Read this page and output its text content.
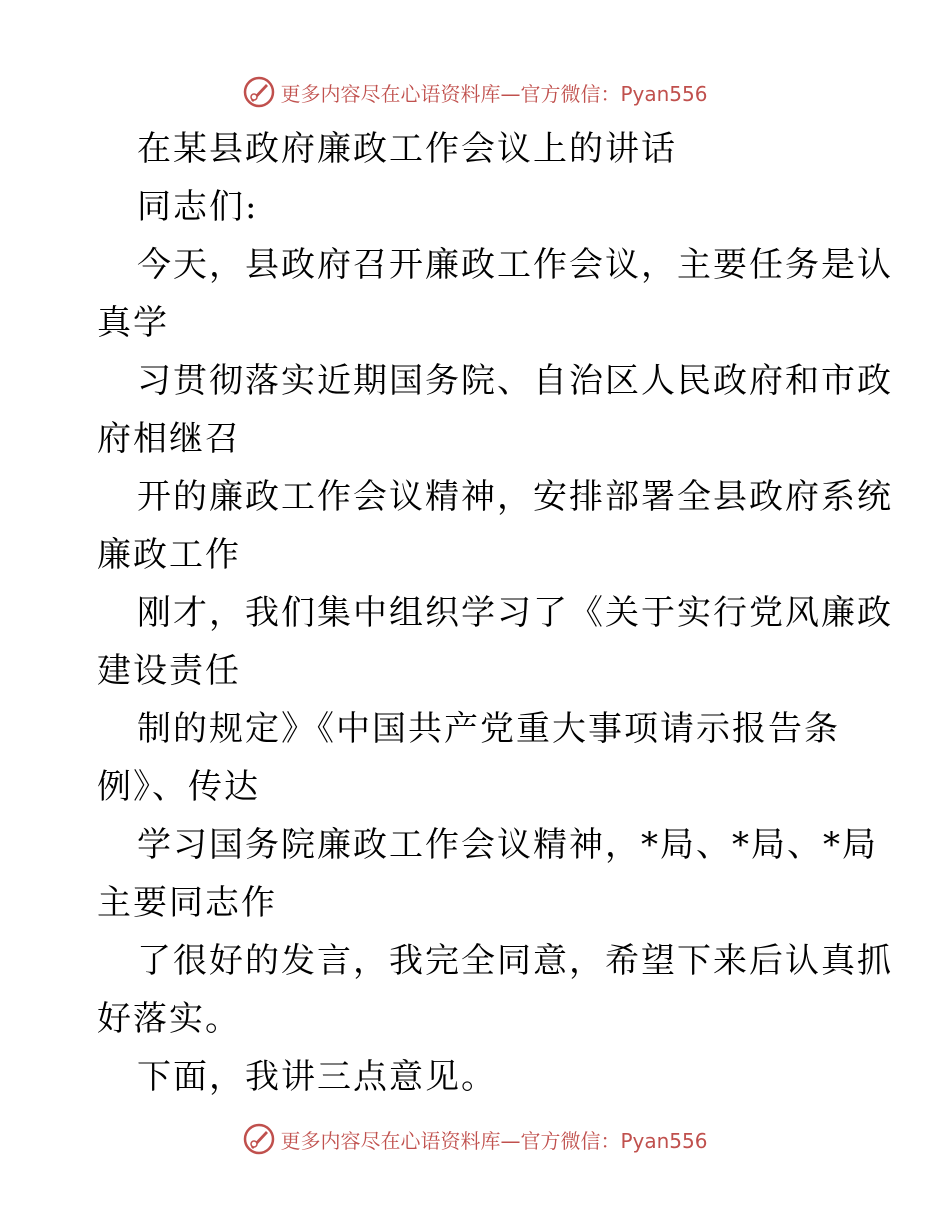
更多内容尽在心语资料库—官方微信：Pyan556
在某县政府廉政工作会议上的讲话
同志们:
今天，县政府召开廉政工作会议，主要任务是认
真学
习贯彻落实近期国务院、自治区人民政府和市政
府相继召
开的廉政工作会议精神，安排部署全县政府系统
廉政工作
刚才，我们集中组织学习了《关于实行党风廉政
建设责任
制的规定》《中国共产党重大事项请示报告条
例》、传达
学习国务院廉政工作会议精神，*局、*局、*局
主要同志作
了很好的发言，我完全同意，希望下来后认真抓
好落实。
下面，我讲三点意见。
更多内容尽在心语资料库—官方微信：Pyan556
